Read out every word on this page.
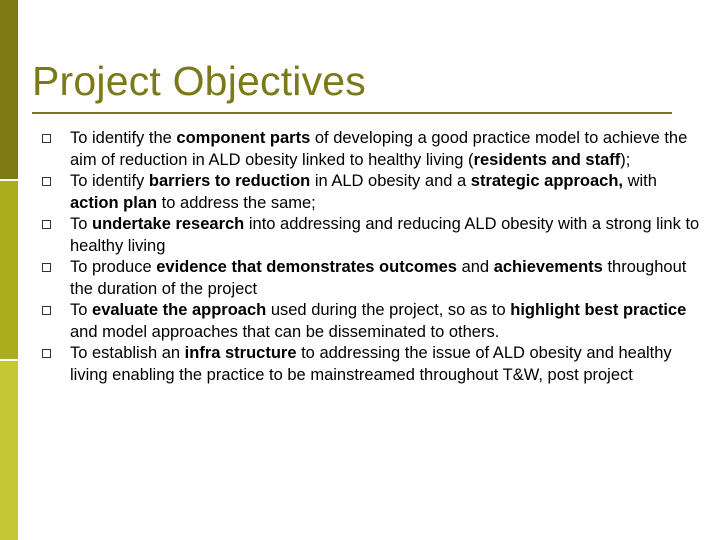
Project Objectives
To identify the component parts of developing a good practice model to achieve the aim of reduction in ALD obesity linked to healthy living (residents and staff);
To identify barriers to reduction in ALD obesity and a strategic approach, with action plan to address the same;
To undertake research into addressing and reducing ALD obesity with a strong link to healthy living
To produce evidence that demonstrates outcomes and achievements throughout the duration of the project
To evaluate the approach used during the project, so as to highlight best practice and model approaches that can be disseminated to others.
To establish an infra structure to addressing the issue of ALD obesity and healthy living enabling the practice to be mainstreamed throughout T&W, post project
